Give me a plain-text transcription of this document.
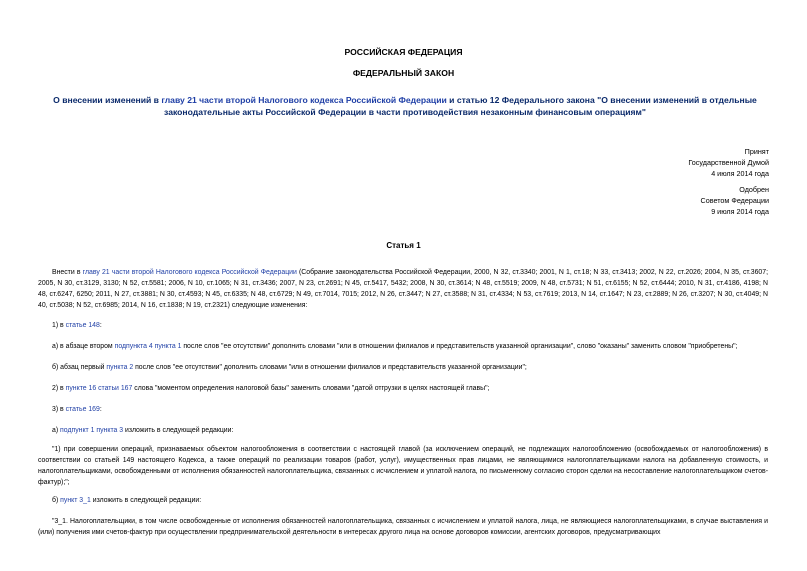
РОССИЙСКАЯ ФЕДЕРАЦИЯ
ФЕДЕРАЛЬНЫЙ ЗАКОН
О внесении изменений в главу 21 части второй Налогового кодекса Российской Федерации и статью 12 Федерального закона "О внесении изменений в отдельные законодательные акты Российской Федерации в части противодействия незаконным финансовым операциям"
Принят
Государственной Думой
4 июля 2014 года
Одобрен
Советом Федерации
9 июля 2014 года
Статья 1
Внести в главу 21 части второй Налогового кодекса Российской Федерации (Собрание законодательства Российской Федерации, 2000, N 32, ст.3340; 2001, N 1, ст.18; N 33, ст.3413; 2002, N 22, ст.2026; 2004, N 35, ст.3607; 2005, N 30, ст.3129, 3130; N 52, ст.5581; 2006, N 10, ст.1065; N 31, ст.3436; 2007, N 23, ст.2691; N 45, ст.5417, 5432; 2008, N 30, ст.3614; N 48, ст.5519; 2009, N 48, ст.5731; N 51, ст.6155; N 52, ст.6444; 2010, N 31, ст.4186, 4198; N 48, ст.6247, 6250; 2011, N 27, ст.3881; N 30, ст.4593; N 45, ст.6335; N 48, ст.6729; N 49, ст.7014, 7015; 2012, N 26, ст.3447; N 27, ст.3588; N 31, ст.4334; N 53, ст.7619; 2013, N 14, ст.1647; N 23, ст.2889; N 26, ст.3207; N 30, ст.4049; N 40, ст.5038; N 52, ст.6985; 2014, N 16, ст.1838; N 19, ст.2321) следующие изменения:
1) в статье 148:
а) в абзаце втором подпункта 4 пункта 1 после слов "ее отсутствии" дополнить словами "или в отношении филиалов и представительств указанной организации", слово "оказаны" заменить словом "приобретены";
б) абзац первый пункта 2 после слов "ее отсутствии" дополнить словами "или в отношении филиалов и представительств указанной организации";
2) в пункте 16 статьи 167 слова "моментом определения налоговой базы" заменить словами "датой отгрузки в целях настоящей главы";
3) в статье 169:
а) подпункт 1 пункта 3 изложить в следующей редакции:
"1) при совершении операций, признаваемых объектом налогообложения в соответствии с настоящей главой (за исключением операций, не подлежащих налогообложению (освобождаемых от налогообложения) в соответствии со статьей 149 настоящего Кодекса, а также операций по реализации товаров (работ, услуг), имущественных прав лицами, не являющимися налогоплательщиками налога на добавленную стоимость, и налогоплательщиками, освобожденными от исполнения обязанностей налогоплательщика, связанных с исчислением и уплатой налога, по письменному согласию сторон сделки на несоставление налогоплательщиком счетов-фактур);";
б) пункт 3_1 изложить в следующей редакции:
"3_1. Налогоплательщики, в том числе освобожденные от исполнения обязанностей налогоплательщика, связанных с исчислением и уплатой налога, лица, не являющиеся налогоплательщиками, в случае выставления и (или) получения ими счетов-фактур при осуществлении предпринимательской деятельности в интересах другого лица на основе договоров комиссии, агентских договоров, предусматривающих
